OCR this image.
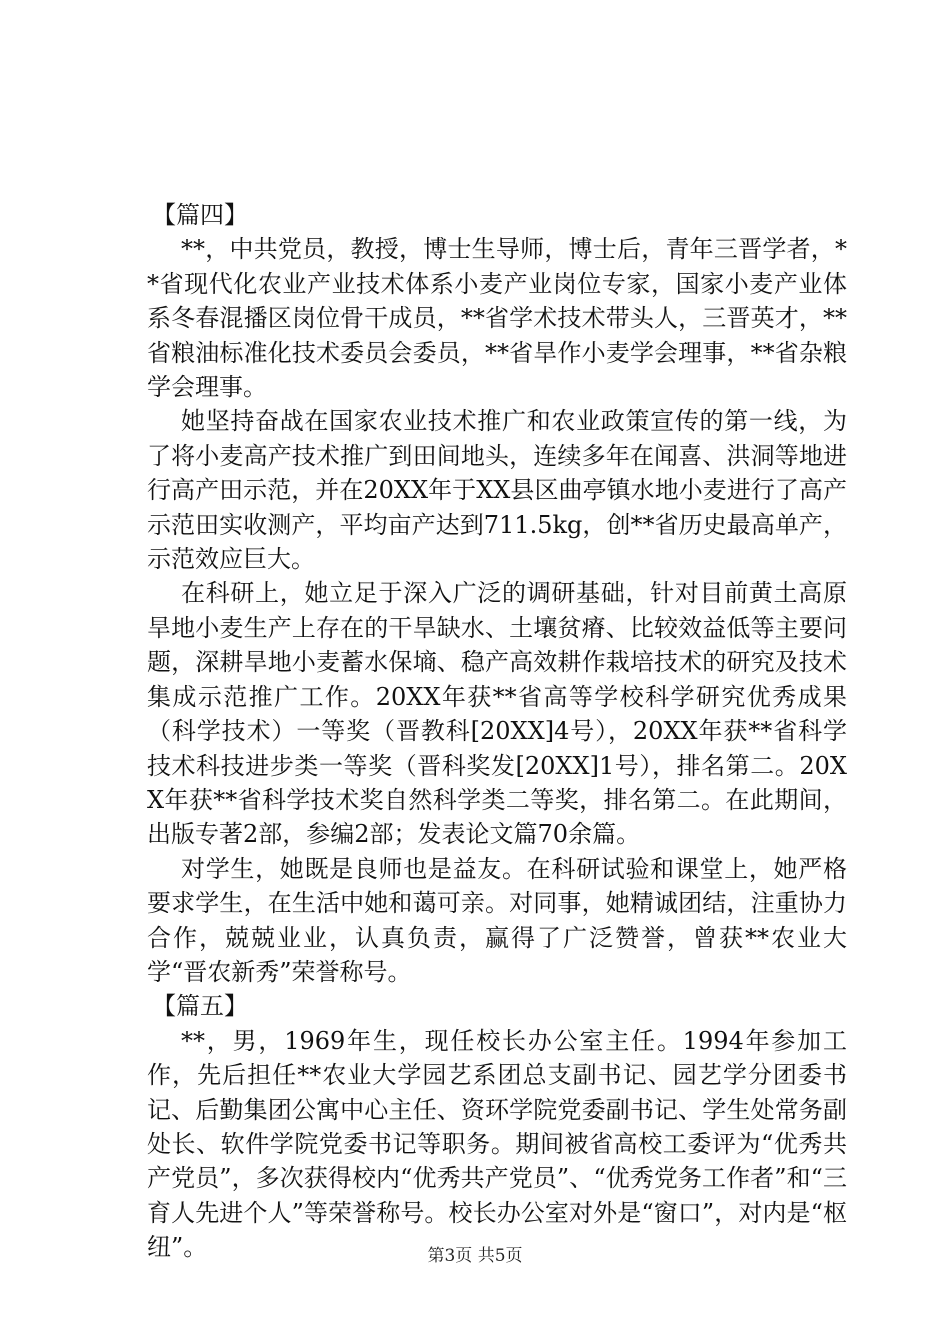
【篇四】

**，中共党员，教授，博士生导师，博士后，青年三晋学者，**省现代化农业产业技术体系小麦产业岗位专家，国家小麦产业体系冬春混播区岗位骨干成员，**省学术技术带头人，三晋英才，**省粮油标准化技术委员会委员，**省旱作小麦学会理事，**省杂粮学会理事。

她坚持奋战在国家农业技术推广和农业政策宣传的第一线，为了将小麦高产技术推广到田间地头，连续多年在闻喜、洪洞等地进行高产田示范，并在20XX年于XX县区曲亭镇水地小麦进行了高产示范田实收测产，平均亩产达到711.5kg，创**省历史最高单产，示范效应巨大。

在科研上，她立足于深入广泛的调研基础，针对目前黄土高原旱地小麦生产上存在的干旱缺水、土壤贫瘠、比较效益低等主要问题，深耕旱地小麦蓄水保墒、稳产高效耕作栽培技术的研究及技术集成示范推广工作。20XX年获**省高等学校科学研究优秀成果（科学技术）一等奖（晋教科[20XX]4号），20XX年获**省科学技术科技进步类一等奖（晋科奖发[20XX]1号），排名第二。20XX年获**省科学技术奖自然科学类二等奖，排名第二。在此期间，出版专著2部，参编2部；发表论文篇70余篇。

对学生，她既是良师也是益友。在科研试验和课堂上，她严格要求学生，在生活中她和蔼可亲。对同事，她精诚团结，注重协力合作，兢兢业业，认真负责，赢得了广泛赞誉，曾获**农业大学“晋农新秀”荣誉称号。

【篇五】

**，男，1969年生，现任校长办公室主任。1994年参加工作，先后担任**农业大学园艺系团总支副书记、园艺学分团委书记、后勤集团公寓中心主任、资环学院党委副书记、学生处常务副处长、软件学院党委书记等职务。期间被省高校工委评为“优秀共产党员”，多次获得校内“优秀共产党员”、“优秀党务工作者”和“三育人先进个人”等荣誉称号。校长办公室对外是“窗口”，对内是“枢纽”。	第3页 共5页
